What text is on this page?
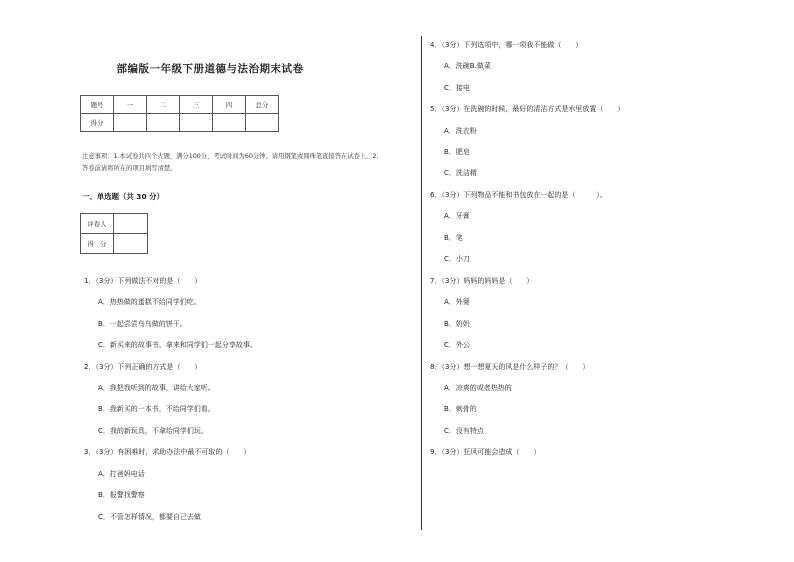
部编版一年级下册道德与法治期末试卷
题号	一	二	三	四	总分
得分					
注意事项：1.本试卷共四个大题，满分100分，考试时间为60分钟。请用钢笔或圆珠笔直接答在试卷上。2.
答卷前请将所在的项目填写清楚。
一、单选题（共 30 分）
评卷人	
得　分	
1．（3分）下列做法不对的是（　　）
A．热热做的蛋糕不给同学们吃。
B．一起尝尝乌乌做的饼干。
C．新买来的故事书，拿来和同学们一起分享故事。
2．（3分）下列正确的方式是（　　）
A．我把我听到的故事，讲给大家听。
B．我新买的一本书，不给同学们看。
C．我的新玩具，不拿给同学们玩。
3．（3分）有困难时，求助办法中最不可取的（　　）
A．打爸妈电话
B．报警找警察
C．不管怎样情况，都要自己去做
4．（3分）下列选项中，哪一项我不能做（　　）
A．洗碗B.做菜
C．接电
5．（3分）在洗碗的时候，最好的清洁方式是水里放置（　　）
A．洗衣粉
B．肥皂
C．洗洁精
6．（3分）下列物品不能和书包放在一起的是（　　　）。
A．牙膏
B．笔
C．小刀
7．（3分）妈妈的妈妈是（　　）
A．外婆
B．奶奶
C．外公
8．（3分）想一想夏天的风是什么样子的？（　　）
A．凉爽的或者热热的
B．刺骨的
C．没有特点
9．（3分）狂风可能会造成（　　）
